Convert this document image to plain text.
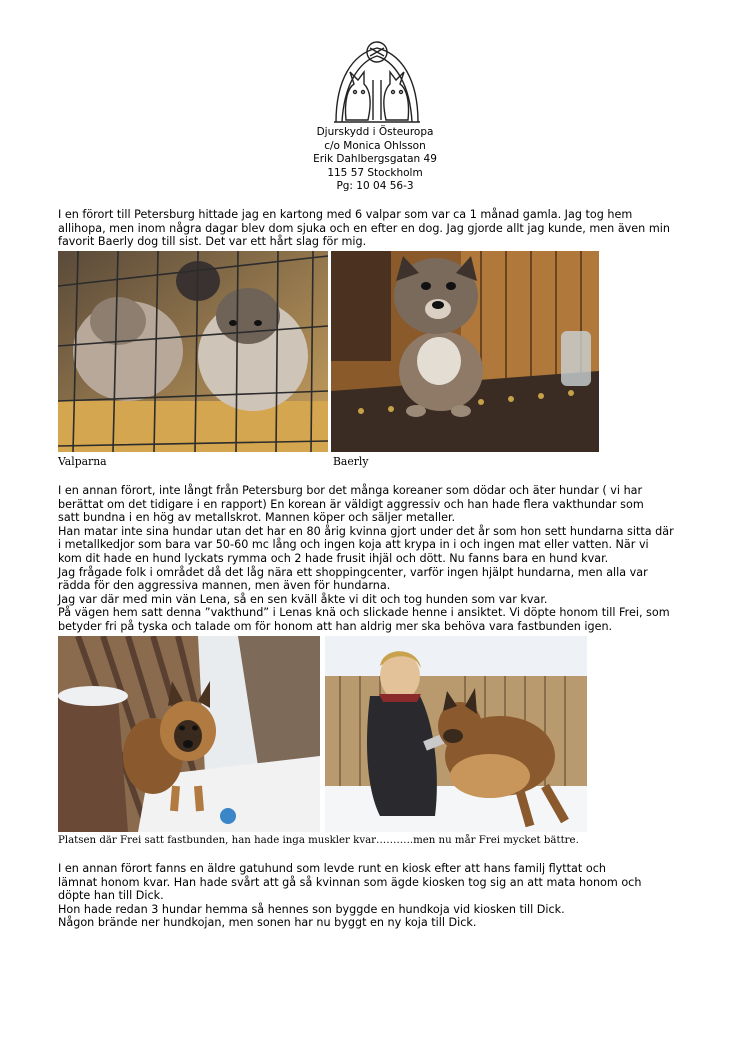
Djurskydd i Östeuropa
c/o Monica Ohlsson
Erik Dahlbergsgatan 49
115 57 Stockholm
Pg: 10 04 56-3
I en förort till Petersburg hittade jag en kartong med 6 valpar som var ca 1 månad gamla. Jag tog hem
allihopa, men inom några dagar blev dom sjuka och en efter en dog. Jag gjorde allt jag kunde, men även min
favorit Baerly dog till sist. Det var ett hårt slag för mig.
Valparna	Baerly
I en annan förort, inte långt från Petersburg bor det många koreaner som dödar och äter hundar ( vi har
berättat om det tidigare i en rapport) En korean är väldigt aggressiv och han hade flera vakthundar som
satt bundna i en hög av metallskrot. Mannen köper och säljer metaller.
Han matar inte sina hundar utan det har en 80 årig kvinna gjort under det år som hon sett hundarna sitta där
i metallkedjor som bara var 50-60 mc lång och ingen koja att krypa in i och ingen mat eller vatten. När vi
kom dit hade en hund lyckats rymma och 2 hade frusit ihjäl och dött. Nu fanns bara en hund kvar.
Jag frågade folk i området då det låg nära ett shoppingcenter, varför ingen hjälpt hundarna, men alla var
rädda för den aggressiva mannen, men även för hundarna.
Jag var där med min vän Lena, så en sen kväll åkte vi dit och tog hunden som var kvar.
På vägen hem satt denna ”vakthund” i Lenas knä och slickade henne i ansiktet. Vi döpte honom till Frei, som
betyder fri på tyska och talade om för honom att han aldrig mer ska behöva vara fastbunden igen.
Platsen där Frei satt fastbunden, han hade inga muskler kvar………..men nu mår Frei mycket bättre.
I en annan förort fanns en äldre gatuhund som levde runt en kiosk efter att hans familj flyttat och
lämnat honom kvar. Han hade svårt att gå så kvinnan som ägde kiosken tog sig an att mata honom och
döpte han till Dick.
Hon hade redan 3 hundar hemma så hennes son byggde en hundkoja vid kiosken till Dick.
Någon brände ner hundkojan, men sonen har nu byggt en ny koja till Dick.
